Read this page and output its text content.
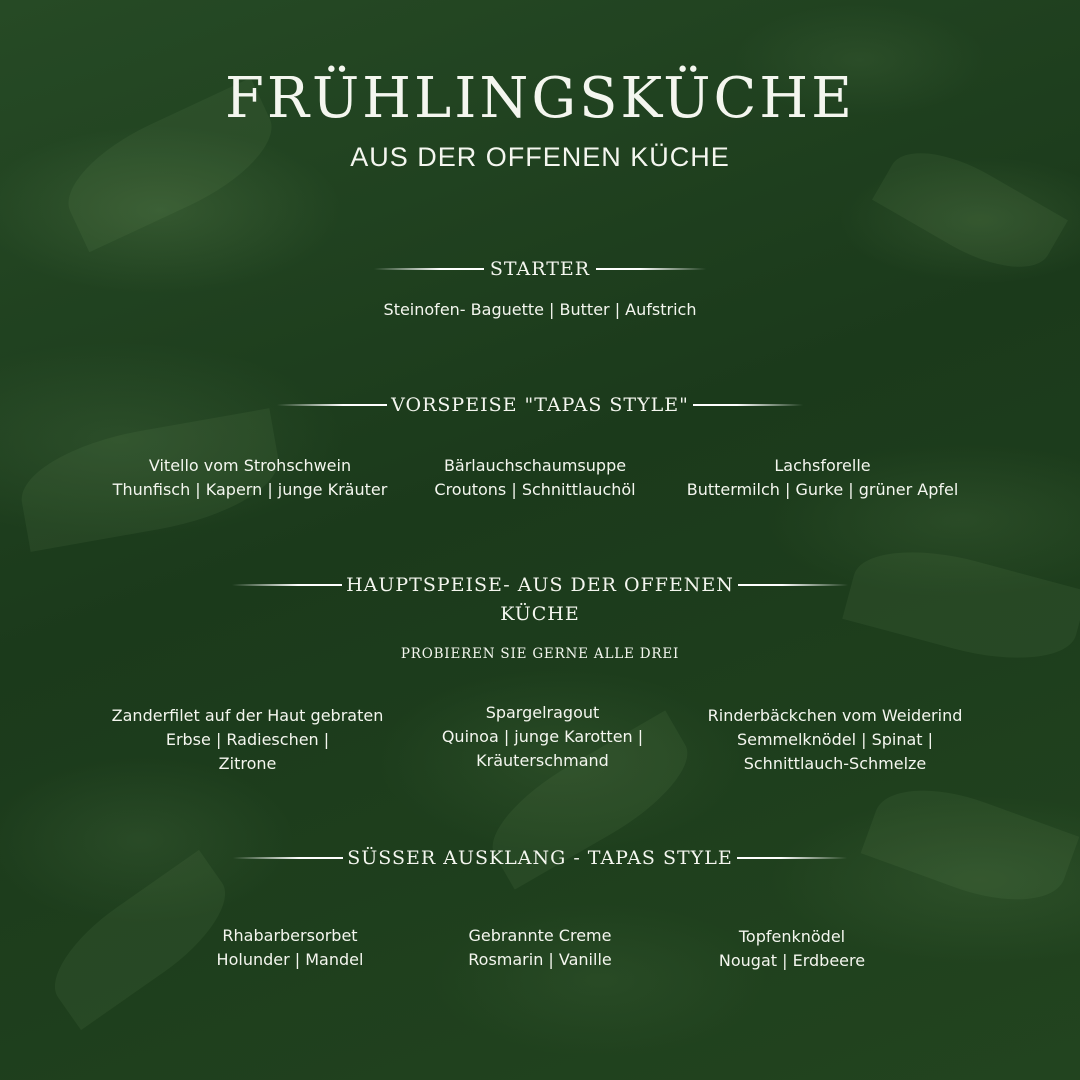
FRÜHLINGSKÜCHE
AUS DER OFFENEN KÜCHE
STARTER
Steinofen- Baguette | Butter | Aufstrich
VORSPEISE "TAPAS STYLE"
Vitello vom Strohschwein
Thunfisch | Kapern | junge Kräuter
Bärlauchschaumsuppe
Croutons | Schnittlauchöl
Lachsforelle
Buttermilch | Gurke | grüner Apfel
HAUPTSPEISE- AUS DER OFFENEN
KÜCHE
PROBIEREN SIE GERNE ALLE DREI
Zanderfilet auf der Haut gebraten
Erbse | Radieschen |
Zitrone
Spargelragout
Quinoa | junge Karotten |
Kräuterschmand
Rinderbäckchen vom Weiderind
Semmelknödel | Spinat |
Schnittlauch-Schmelze
SÜSSER AUSKLANG - TAPAS STYLE
Rhabarbersorbet
Holunder | Mandel
Gebrannte Creme
Rosmarin | Vanille
Topfenknödel
Nougat | Erdbeere
